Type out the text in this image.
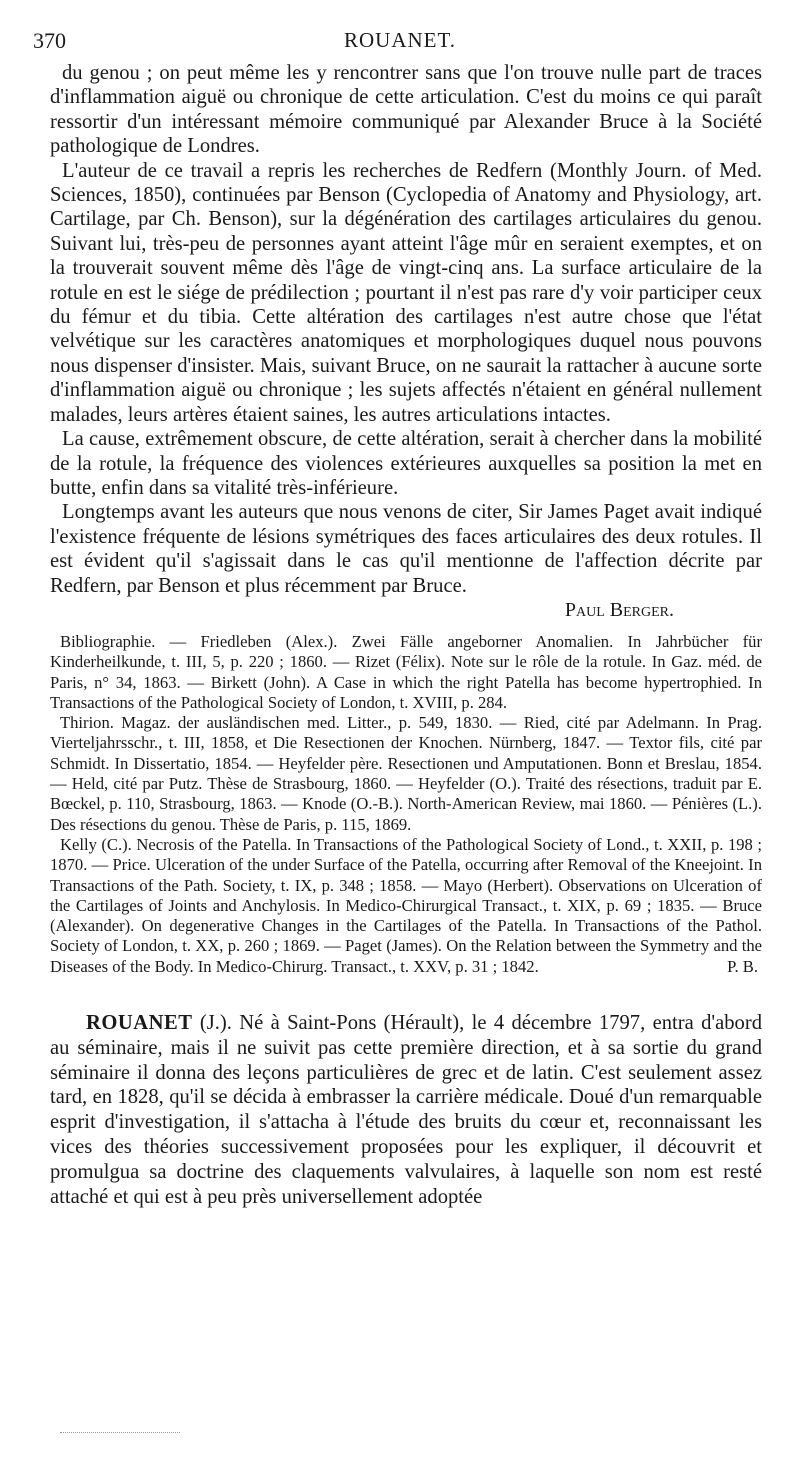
370	ROUANET.

du genou ; on peut même les y rencontrer sans que l'on trouve nulle part de traces d'inflammation aiguë ou chronique de cette articulation. C'est du moins ce qui paraît ressortir d'un intéressant mémoire communiqué par Alexander Bruce à la Société pathologique de Londres.

L'auteur de ce travail a repris les recherches de Redfern (Monthly Journ. of Med. Sciences, 1850), continuées par Benson (Cyclopedia of Anatomy and Physiology, art. Cartilage, par Ch. Benson), sur la dégénération des cartilages articulaires du genou. Suivant lui, très-peu de personnes ayant atteint l'âge mûr en seraient exemptes, et on la trouverait souvent même dès l'âge de vingt-cinq ans. La surface articulaire de la rotule en est le siége de prédilection ; pourtant il n'est pas rare d'y voir participer ceux du fémur et du tibia. Cette altération des cartilages n'est autre chose que l'état velvétique sur les caractères anatomiques et morphologiques duquel nous pouvons nous dispenser d'insister. Mais, suivant Bruce, on ne saurait la rattacher à aucune sorte d'inflammation aiguë ou chronique ; les sujets affectés n'étaient en général nullement malades, leurs artères étaient saines, les autres articulations intactes.

La cause, extrêmement obscure, de cette altération, serait à chercher dans la mobilité de la rotule, la fréquence des violences extérieures auxquelles sa position la met en butte, enfin dans sa vitalité très-inférieure.

Longtemps avant les auteurs que nous venons de citer, Sir James Paget avait indiqué l'existence fréquente de lésions symétriques des faces articulaires des deux rotules. Il est évident qu'il s'agissait dans le cas qu'il mentionne de l'affection décrite par Redfern, par Benson et plus récemment par Bruce.

Paul Berger.

Bibliographie. — Friedleben (Alex.). Zwei Fälle angeborner Anomalien. In Jahrbücher für Kinderheilkunde, t. III, 5, p. 220 ; 1860. — Rizet (Félix). Note sur le rôle de la rotule. In Gaz. méd. de Paris, n° 34, 1863. — Birkett (John). A Case in which the right Patella has become hypertrophied. In Transactions of the Pathological Society of London, t. XVIII, p. 284.

Thirion. Magaz. der ausländischen med. Litter., p. 549, 1830. — Ried, cité par Adelmann. In Prag. Vierteljahrsschr., t. III, 1858, et Die Resectionen der Knochen. Nürnberg, 1847. — Textor fils, cité par Schmidt. In Dissertatio, 1854. — Heyfelder père. Resectionen und Amputationen. Bonn et Breslau, 1854. — Held, cité par Putz. Thèse de Strasbourg, 1860. — Heyfelder (O.). Traité des résections, traduit par E. Bœckel, p. 110, Strasbourg, 1863. — Knode (O.-B.). North-American Review, mai 1860. — Pénières (L.). Des résections du genou. Thèse de Paris, p. 115, 1869.

Kelly (C.). Necrosis of the Patella. In Transactions of the Pathological Society of Lond., t. XXII, p. 198 ; 1870. — Price. Ulceration of the under Surface of the Patella, occurring after Removal of the Kneejoint. In Transactions of the Path. Society, t. IX, p. 348 ; 1858. — Mayo (Herbert). Observations on Ulceration of the Cartilages of Joints and Anchylosis. In Medico-Chirurgical Transact., t. XIX, p. 69 ; 1835. — Bruce (Alexander). On degenerative Changes in the Cartilages of the Patella. In Transactions of the Pathol. Society of London, t. XX, p. 260 ; 1869. — Paget (James). On the Relation between the Symmetry and the Diseases of the Body. In Medico-Chirurg. Transact., t. XXV, p. 31 ; 1842.	P. B.

ROUANET (J.). Né à Saint-Pons (Hérault), le 4 décembre 1797, entra d'abord au séminaire, mais il ne suivit pas cette première direction, et à sa sortie du grand séminaire il donna des leçons particulières de grec et de latin. C'est seulement assez tard, en 1828, qu'il se décida à embrasser la carrière médicale. Doué d'un remarquable esprit d'investigation, il s'attacha à l'étude des bruits du cœur et, reconnaissant les vices des théories successivement proposées pour les expliquer, il découvrit et promulgua sa doctrine des claquements valvulaires, à laquelle son nom est resté attaché et qui est à peu près universellement adoptée
